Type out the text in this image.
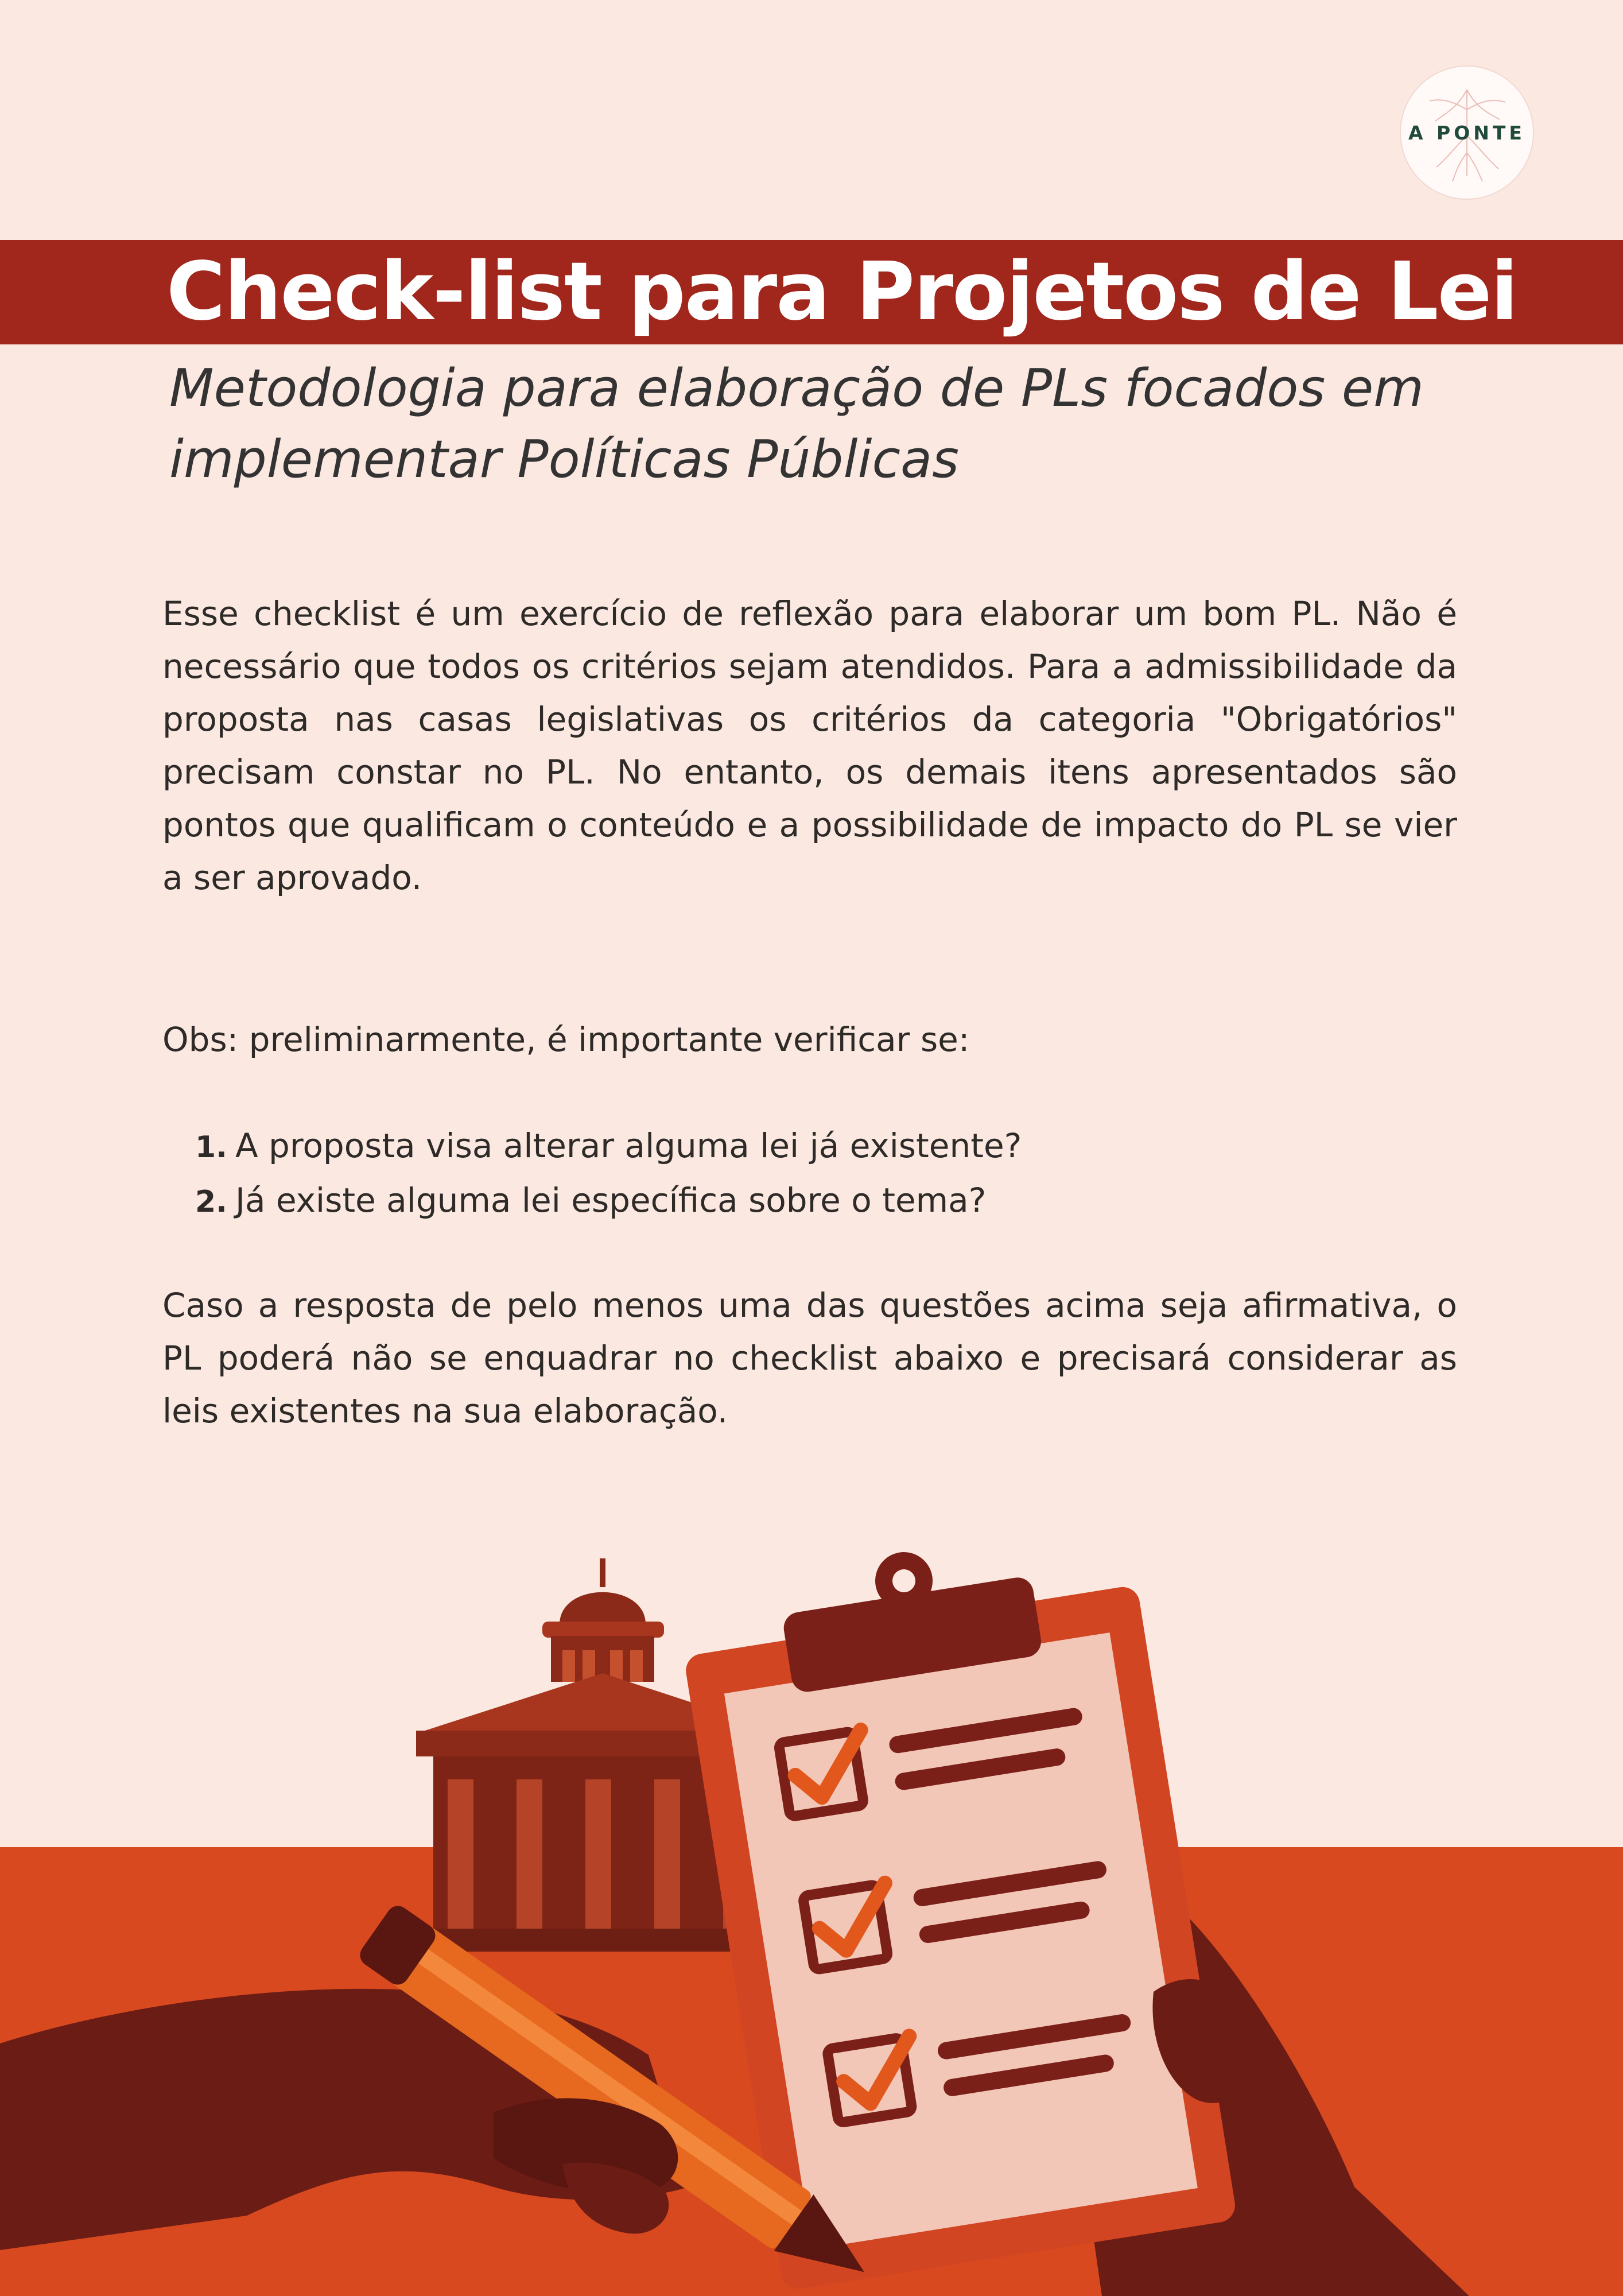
A PONTE
Check-list para Projetos de Lei
Metodologia para elaboração de PLs focados em implementar Políticas Públicas

Esse checklist é um exercício de reflexão para elaborar um bom PL. Não é necessário que todos os critérios sejam atendidos. Para a admissibilidade da proposta nas casas legislativas os critérios da categoria "Obrigatórios" precisam constar no PL. No entanto, os demais itens apresentados são pontos que qualificam o conteúdo e a possibilidade de impacto do PL se vier a ser aprovado.

Obs: preliminarmente, é importante verificar se:

1. A proposta visa alterar alguma lei já existente?
2. Já existe alguma lei específica sobre o tema?

Caso a resposta de pelo menos uma das questões acima seja afirmativa, o PL poderá não se enquadrar no checklist abaixo e precisará considerar as leis existentes na sua elaboração.
